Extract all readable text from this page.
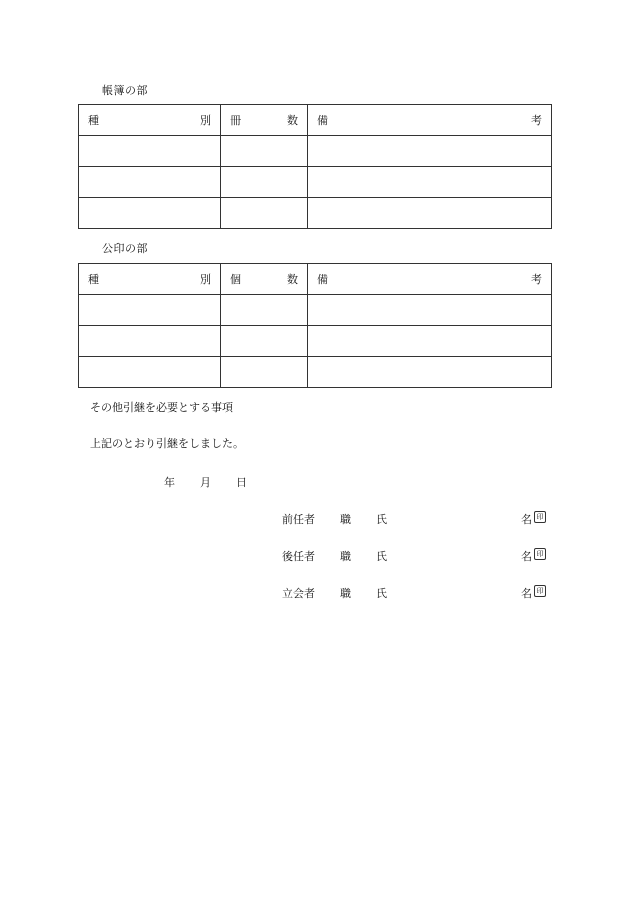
帳簿の部
種 別	冊 数	備 考

公印の部
種 別	個 数	備 考

その他引継を必要とする事項
上記のとおり引継をしました。
年 月 日
前任者 職 氏	名 印
後任者 職 氏	名 印
立会者 職 氏	名 印
